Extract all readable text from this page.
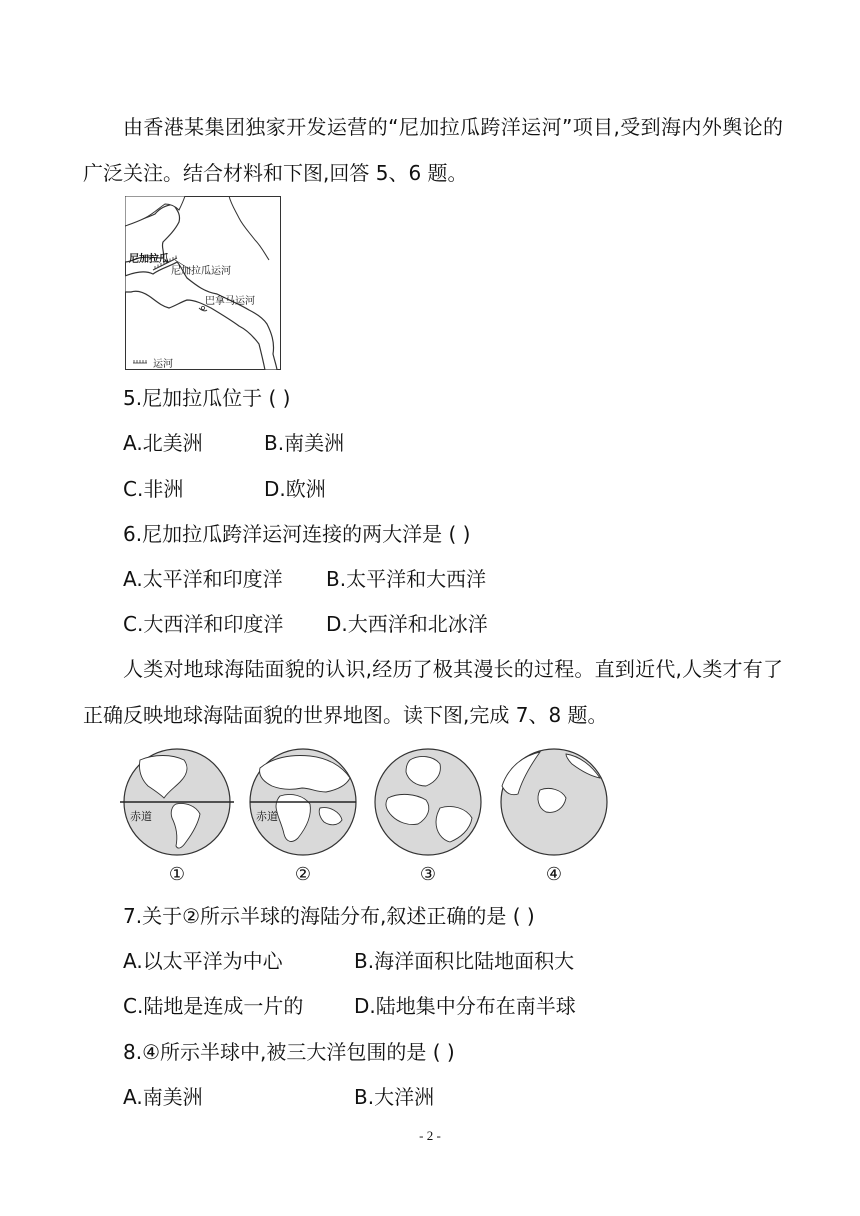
由香港某集团独家开发运营的“尼加拉瓜跨洋运河”项目,受到海内外舆论的广泛关注。结合材料和下图,回答 5、6 题。
尼加拉瓜
尼加拉瓜运河
巴拿马运河
运河
5.尼加拉瓜位于 ( )
A.北美洲	B.南美洲
C.非洲	D.欧洲
6.尼加拉瓜跨洋运河连接的两大洋是 ( )
A.太平洋和印度洋 B.太平洋和大西洋
C.大西洋和印度洋 D.大西洋和北冰洋
人类对地球海陆面貌的认识,经历了极其漫长的过程。直到近代,人类才有了正确反映地球海陆面貌的世界地图。读下图,完成 7、8 题。
赤道	赤道
①	②	③	④
7.关于②所示半球的海陆分布,叙述正确的是 ( )
A.以太平洋为中心	B.海洋面积比陆地面积大
C.陆地是连成一片的	D.陆地集中分布在南半球
8.④所示半球中,被三大洋包围的是 ( )
A.南美洲	B.大洋洲
- 2 -
